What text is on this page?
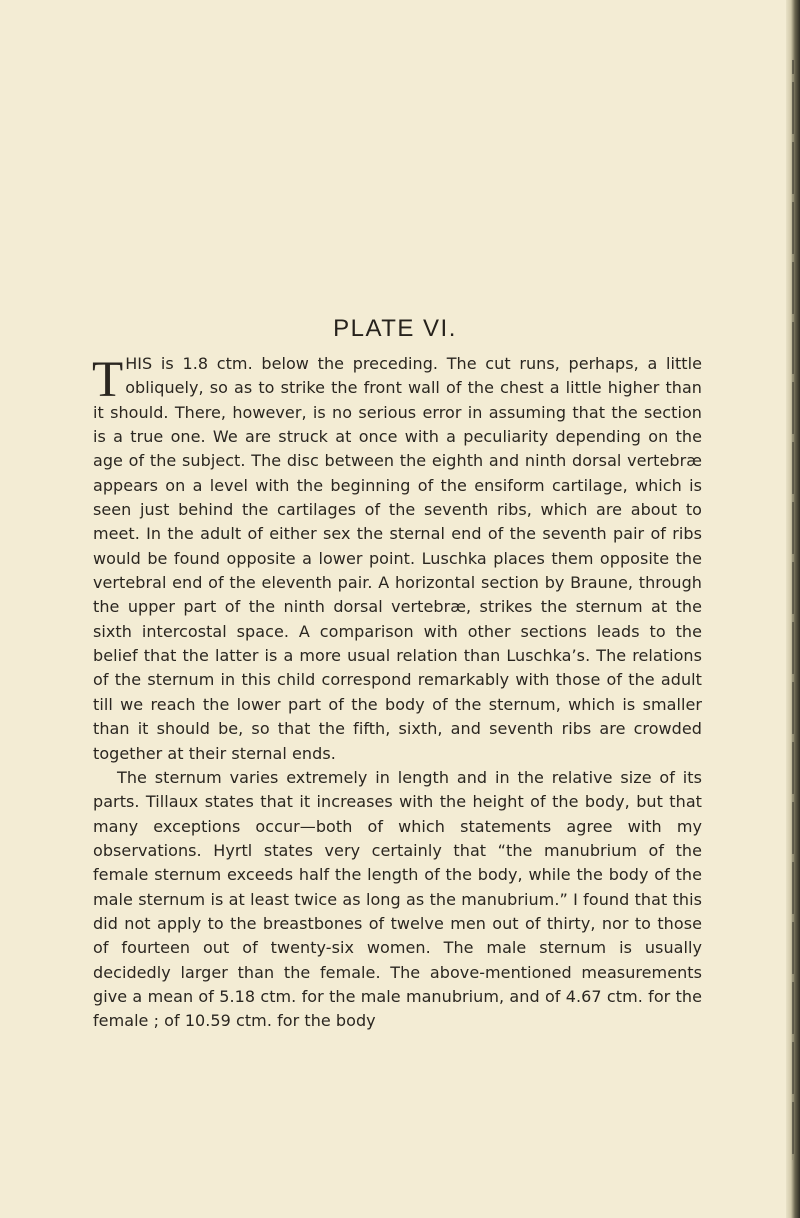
PLATE VI.

THIS is 1.8 ctm. below the preceding. The cut runs, perhaps, a little obliquely, so as to strike the front wall of the chest a little higher than it should. There, however, is no serious error in assuming that the section is a true one. We are struck at once with a peculiarity depending on the age of the subject. The disc between the eighth and ninth dorsal vertebræ appears on a level with the beginning of the ensiform cartilage, which is seen just behind the cartilages of the seventh ribs, which are about to meet. In the adult of either sex the sternal end of the seventh pair of ribs would be found opposite a lower point. Luschka places them opposite the vertebral end of the eleventh pair. A horizontal section by Braune, through the upper part of the ninth dorsal vertebræ, strikes the sternum at the sixth intercostal space. A comparison with other sections leads to the belief that the latter is a more usual relation than Luschka’s. The relations of the sternum in this child correspond remarkably with those of the adult till we reach the lower part of the body of the sternum, which is smaller than it should be, so that the fifth, sixth, and seventh ribs are crowded together at their sternal ends.

The sternum varies extremely in length and in the relative size of its parts. Tillaux states that it increases with the height of the body, but that many exceptions occur—both of which statements agree with my observations. Hyrtl states very certainly that “the manubrium of the female sternum exceeds half the length of the body, while the body of the male sternum is at least twice as long as the manubrium.” I found that this did not apply to the breastbones of twelve men out of thirty, nor to those of fourteen out of twenty-six women. The male sternum is usually decidedly larger than the female. The above-mentioned measurements give a mean of 5.18 ctm. for the male manubrium, and of 4.67 ctm. for the female ; of 10.59 ctm. for the body
